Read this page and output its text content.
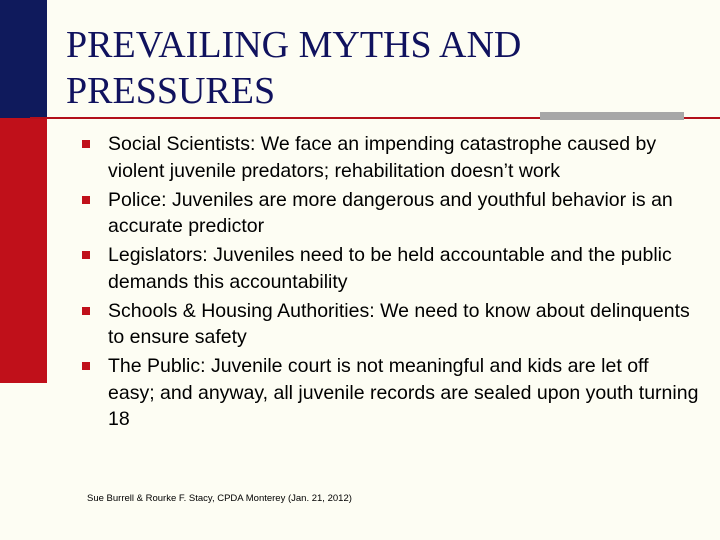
PREVAILING MYTHS AND PRESSURES
Social Scientists: We face an impending catastrophe caused by violent juvenile predators; rehabilitation doesn’t work
Police: Juveniles are more dangerous and youthful behavior is an accurate predictor
Legislators: Juveniles need to be held accountable and the public demands this accountability
Schools & Housing Authorities: We need to know about delinquents to ensure safety
The Public: Juvenile court is not meaningful and kids are let off easy; and anyway, all juvenile records are sealed upon youth turning 18

Sue Burrell & Rourke F. Stacy, CPDA Monterey (Jan. 21, 2012)
